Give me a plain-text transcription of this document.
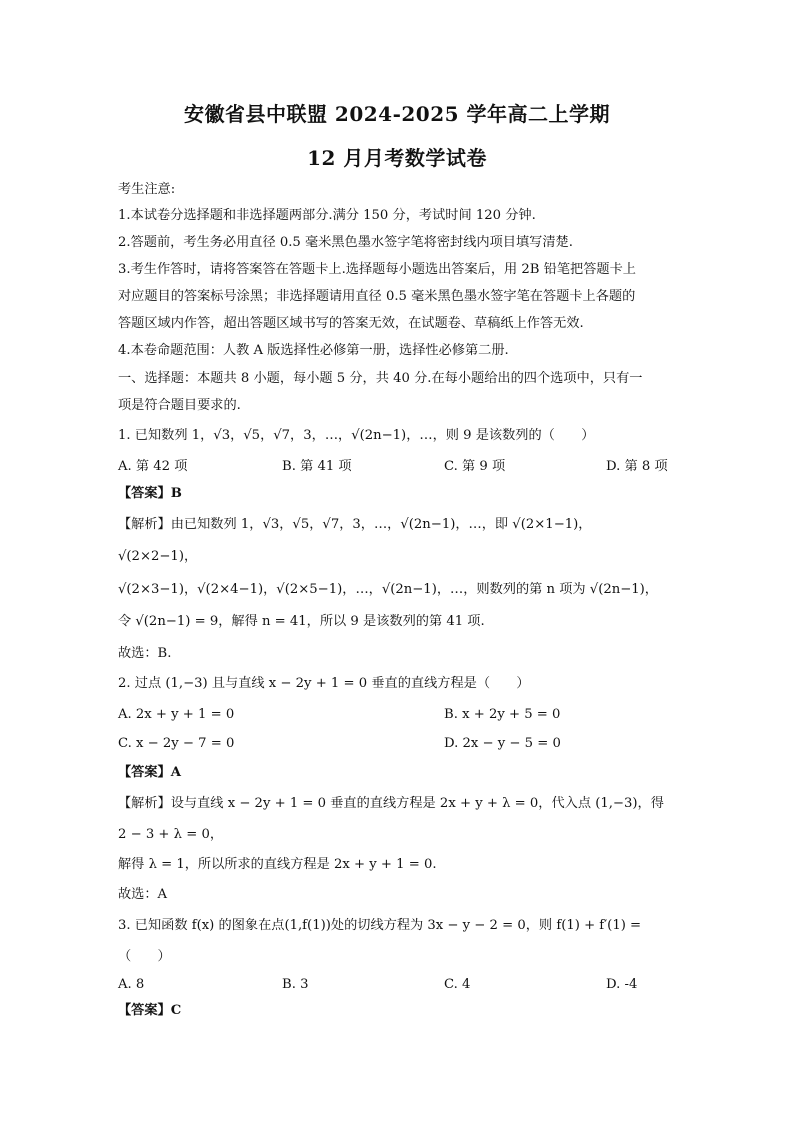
安徽省县中联盟 2024-2025 学年高二上学期
12 月月考数学试卷
考生注意:
1.本试卷分选择题和非选择题两部分.满分 150 分，考试时间 120 分钟.
2.答题前，考生务必用直径 0.5 毫米黑色墨水签字笔将密封线内项目填写清楚.
3.考生作答时，请将答案答在答题卡上.选择题每小题选出答案后，用 2B 铅笔把答题卡上
对应题目的答案标号涂黑；非选择题请用直径 0.5 毫米黑色墨水签字笔在答题卡上各题的
答题区域内作答，超出答题区域书写的答案无效，在试题卷、草稿纸上作答无效.
4.本卷命题范围：人教 A 版选择性必修第一册，选择性必修第二册.
一、选择题：本题共 8 小题，每小题 5 分，共 40 分.在每小题给出的四个选项中，只有一
项是符合题目要求的.
1. 已知数列 1，√3，√5，√7，3，…，√(2n−1)，…，则 9 是该数列的（　　）
A. 第 42 项	B. 第 41 项	C. 第 9 项	D. 第 8 项
【答案】B
【解析】由已知数列 1，√3，√5，√7，3，…，√(2n−1)，…，即 √(2×1−1)，
√(2×2−1)，
√(2×3−1)，√(2×4−1)，√(2×5−1)，…，√(2n−1)，…，则数列的第 n 项为 √(2n−1)，
令 √(2n−1) = 9，解得 n = 41，所以 9 是该数列的第 41 项.
故选：B.
2. 过点 (1,−3) 且与直线 x − 2y + 1 = 0 垂直的直线方程是（　　）
A. 2x + y + 1 = 0	B. x + 2y + 5 = 0
C. x − 2y − 7 = 0	D. 2x − y − 5 = 0
【答案】A
【解析】设与直线 x − 2y + 1 = 0 垂直的直线方程是 2x + y + λ = 0，代入点 (1,−3)，得
2 − 3 + λ = 0，
解得 λ = 1，所以所求的直线方程是 2x + y + 1 = 0.
故选：A
3. 已知函数 f(x) 的图象在点(1,f(1))处的切线方程为 3x − y − 2 = 0，则 f(1) + f′(1) =
（　　）
A. 8	B. 3	C. 4	D. -4
【答案】C
